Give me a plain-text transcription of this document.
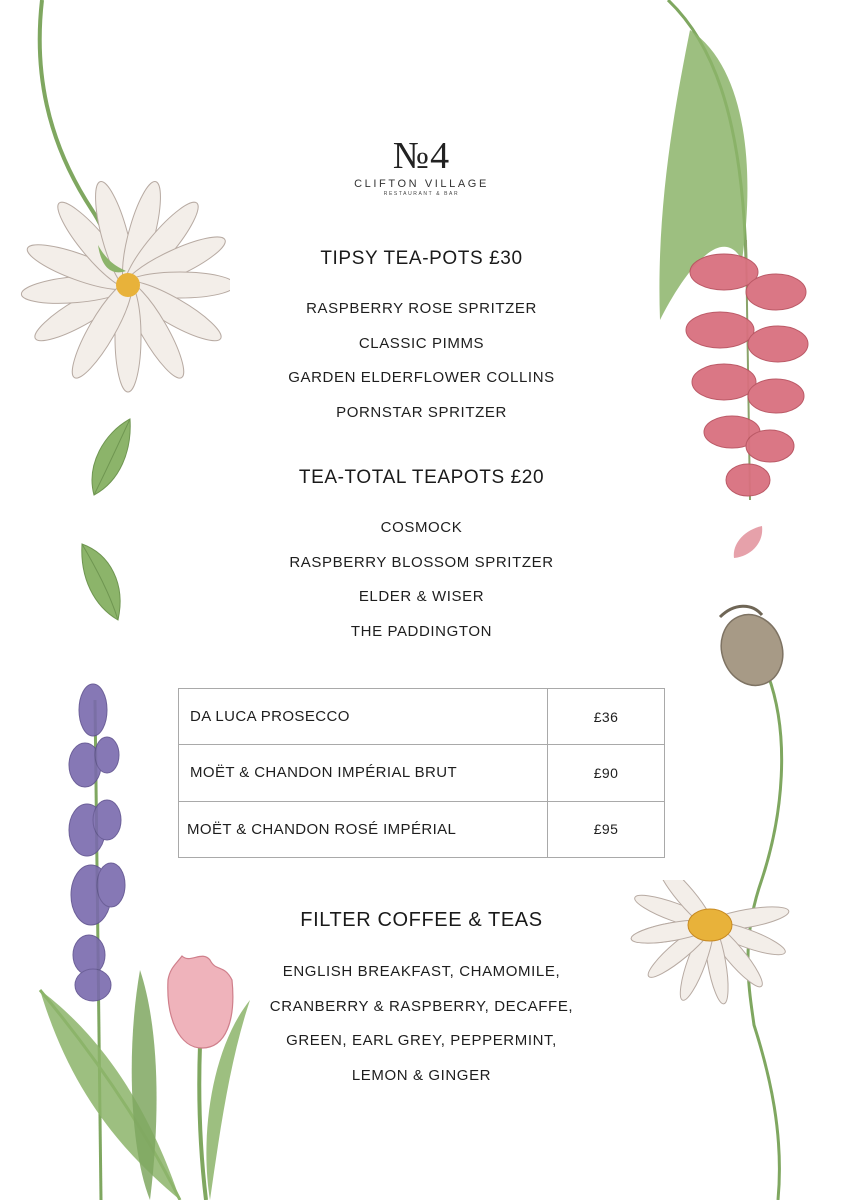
№4
CLIFTON VILLAGE
RESTAURANT & BAR
TIPSY TEA-POTS £30
RASPBERRY ROSE SPRITZER
CLASSIC PIMMS
GARDEN ELDERFLOWER COLLINS
PORNSTAR SPRITZER
TEA-TOTAL TEAPOTS £20
COSMOCK
RASPBERRY BLOSSOM SPRITZER
ELDER & WISER
THE PADDINGTON
DA LUCA PROSECCO	£36
MOËT & CHANDON IMPÉRIAL BRUT	£90
MOËT & CHANDON ROSÉ IMPÉRIAL	£95
FILTER COFFEE & TEAS
ENGLISH BREAKFAST, CHAMOMILE,
CRANBERRY & RASPBERRY, DECAFFE,
GREEN, EARL GREY, PEPPERMINT,
LEMON & GINGER
